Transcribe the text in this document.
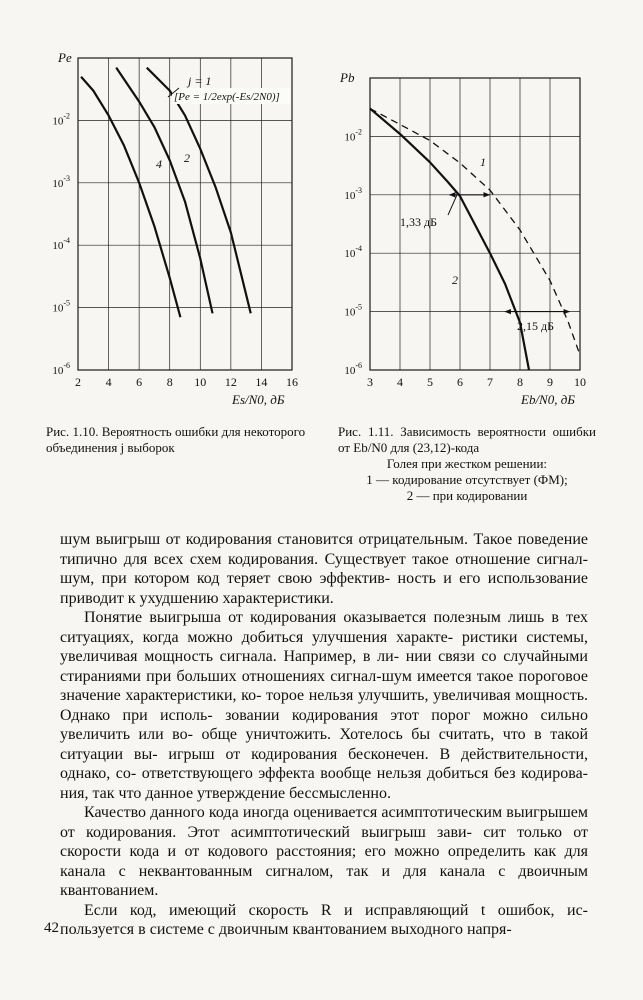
2 4 6 8 10 12 14 16
$10^{-6}$
$10^{-5}$
$10^{-4}$
$10^{-3}$
$10^{-2}$
Pe
Es/N0, дБ
j = 1
[Pe = 1/2exp(-Es/2N0)]
4 2
3 4 5 6 7 8 9 10
$10^{-6}$
$10^{-5}$
$10^{-4}$
$10^{-3}$
$10^{-2}$
Pb
Eb/N0, дБ
1,33 дБ
2,15 дБ
1
2
Рис. 1.10. Вероятность ошибки для некоторого объединения j выборок
Рис. 1.11. Зависимость вероятности ошибки от Eb/N0 для (23,12)-кода
Голея при жестком решении:
1 — кодирование отсутствует (ФМ);
2 — при кодировании

шум выигрыш от кодирования становится отрицательным. Такое поведение типично для всех схем кодирования. Существует такое отношение сигнал-шум, при котором код теряет свою эффектив- ность и его использование приводит к ухудшению характеристики.

Понятие выигрыша от кодирования оказывается полезным лишь в тех ситуациях, когда можно добиться улучшения характе- ристики системы, увеличивая мощность сигнала. Например, в ли- нии связи со случайными стираниями при больших отношениях сигнал-шум имеется такое пороговое значение характеристики, ко- торое нельзя улучшить, увеличивая мощность. Однако при исполь- зовании кодирования этот порог можно сильно увеличить или во- обще уничтожить. Хотелось бы считать, что в такой ситуации вы- игрыш от кодирования бесконечен. В действительности, однако, со- ответствующего эффекта вообще нельзя добиться без кодирова- ния, так что данное утверждение бессмысленно.

Качество данного кода иногда оценивается асимптотическим выигрышем от кодирования. Этот асимптотический выигрыш зави- сит только от скорости кода и от кодового расстояния; его можно определить как для канала с неквантованным сигналом, так и для канала с двоичным квантованием.

Если код, имеющий скорость R и исправляющий t ошибок, ис- пользуется в системе с двоичным квантованием выходного напря-

42
